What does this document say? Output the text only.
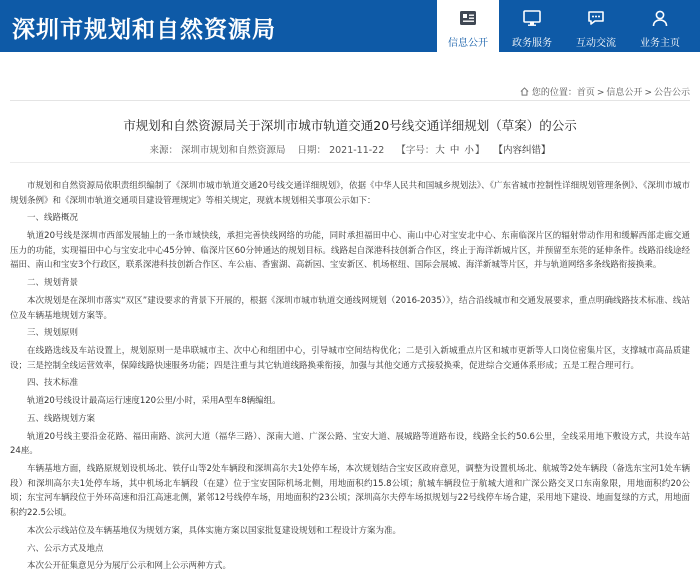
深圳市规划和自然资源局
信息公开	政务服务	互动交流	业务主页
您的位置：首页 > 信息公开 > 公告公示
市规划和自然资源局关于深圳市城市轨道交通20号线交通详细规划（草案）的公示
来源： 深圳市规划和自然资源局 日期： 2021-11-22 【字号：大 中 小】 【内容纠错】

市规划和自然资源局依职责组织编制了《深圳市城市轨道交通20号线交通详细规划》，依据《中华人民共和国城乡规划法》、《广东省城市控制性详细规划管理条例》、《深圳市城市规划条例》和《深圳市轨道交通项目建设管理规定》等相关规定，现就本规划相关事项公示如下：

一、线路概况

轨道20号线是深圳市西部发展轴上的一条市域快线，承担完善快线网络的功能，同时承担福田中心、南山中心对宝安北中心、东南临深片区的辐射带动作用和缓解西部走廊交通压力的功能，实现福田中心与宝安北中心45分钟、临深片区60分钟通达的规划目标。线路起自深港科技创新合作区，终止于海洋新城片区，并预留至东莞的延伸条件。线路沿线途经福田、南山和宝安3个行政区，联系深港科技创新合作区、车公庙、香蜜湖、高新园、宝安新区、机场枢纽、国际会展城、海洋新城等片区，并与轨道网络多条线路衔接换乘。

二、规划背景

本次规划是在深圳市落实“双区”建设要求的背景下开展的，根据《深圳市城市轨道交通线网规划（2016-2035）》，结合沿线城市和交通发展要求，重点明确线路技术标准、线站位及车辆基地规划方案等。

三、规划原则

在线路选线及车站设置上，规划原则一是串联城市主、次中心和组团中心，引导城市空间结构优化；二是引入新城重点片区和城市更新等人口岗位密集片区，支撑城市高品质建设；三是控制全线运营效率，保障线路快速服务功能；四是注重与其它轨道线路换乘衔接，加强与其他交通方式接驳换乘，促进综合交通体系形成；五是工程合理可行。

四、技术标准

轨道20号线设计最高运行速度120公里/小时，采用A型车8辆编组。

五、线路规划方案

轨道20号线主要沿金花路、福田南路、滨河大道（福华三路）、深南大道、广深公路、宝安大道、展城路等道路布设，线路全长约50.6公里，全线采用地下敷设方式，共设车站24座。

车辆基地方面，线路原规划设机场北、铁仔山等2处车辆段和深圳高尔夫1处停车场，本次规划结合宝安区政府意见，调整为设置机场北、航城等2处车辆段（备选东宝河1处车辆段）和深圳高尔夫1处停车场，其中机场北车辆段（在建）位于宝安国际机场北侧，用地面积约15.8公顷；航城车辆段位于航城大道和广深公路交叉口东南象限，用地面积约20公顷；东宝河车辆段位于外环高速和沿江高速北侧，紧邻12号线停车场，用地面积约23公顷；深圳高尔夫停车场拟规划与22号线停车场合建，采用地下建设、地面复绿的方式，用地面积约22.5公顷。

本次公示线站位及车辆基地仅为规划方案，具体实施方案以国家批复建设规划和工程设计方案为准。

六、公示方式及地点

本次公开征集意见分为展厅公示和网上公示两种方式。
